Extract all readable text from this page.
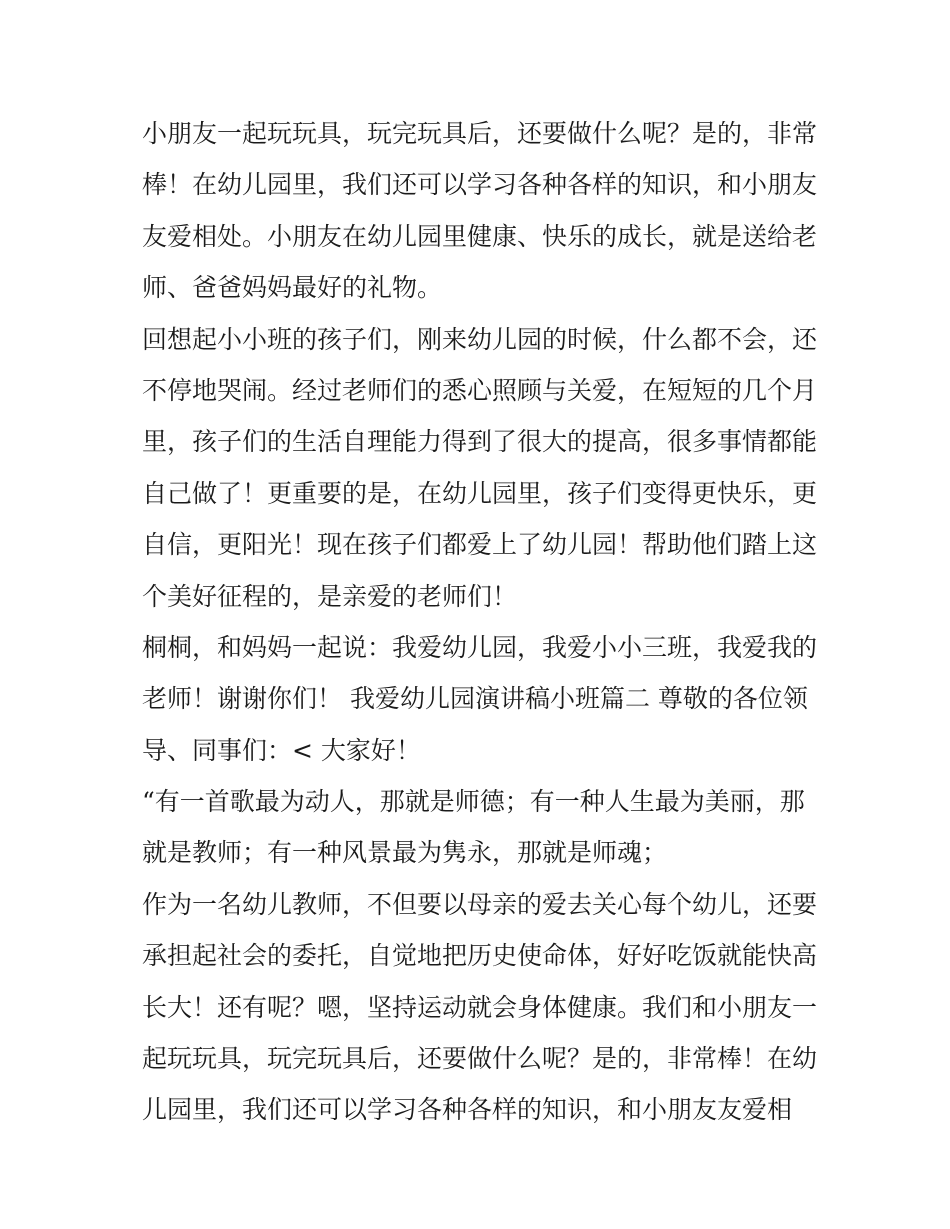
小朋友一起玩玩具，玩完玩具后，还要做什么呢？是的，非常
棒！在幼儿园里，我们还可以学习各种各样的知识，和小朋友
友爱相处。小朋友在幼儿园里健康、快乐的成长，就是送给老
师、爸爸妈妈最好的礼物。
回想起小小班的孩子们，刚来幼儿园的时候，什么都不会，还
不停地哭闹。经过老师们的悉心照顾与关爱，在短短的几个月
里，孩子们的生活自理能力得到了很大的提高，很多事情都能
自己做了！更重要的是，在幼儿园里，孩子们变得更快乐，更
自信，更阳光！现在孩子们都爱上了幼儿园！帮助他们踏上这
个美好征程的，是亲爱的老师们！
桐桐，和妈妈一起说：我爱幼儿园，我爱小小三班，我爱我的
老师！谢谢你们！ 我爱幼儿园演讲稿小班篇二 尊敬的各位领
导、同事们：< 大家好！
“有一首歌最为动人，那就是师德；有一种人生最为美丽，那
就是教师；有一种风景最为隽永，那就是师魂；
作为一名幼儿教师，不但要以母亲的爱去关心每个幼儿，还要
承担起社会的委托，自觉地把历史使命体，好好吃饭就能快高
长大！还有呢？嗯，坚持运动就会身体健康。我们和小朋友一
起玩玩具，玩完玩具后，还要做什么呢？是的，非常棒！在幼
儿园里，我们还可以学习各种各样的知识，和小朋友友爱相
